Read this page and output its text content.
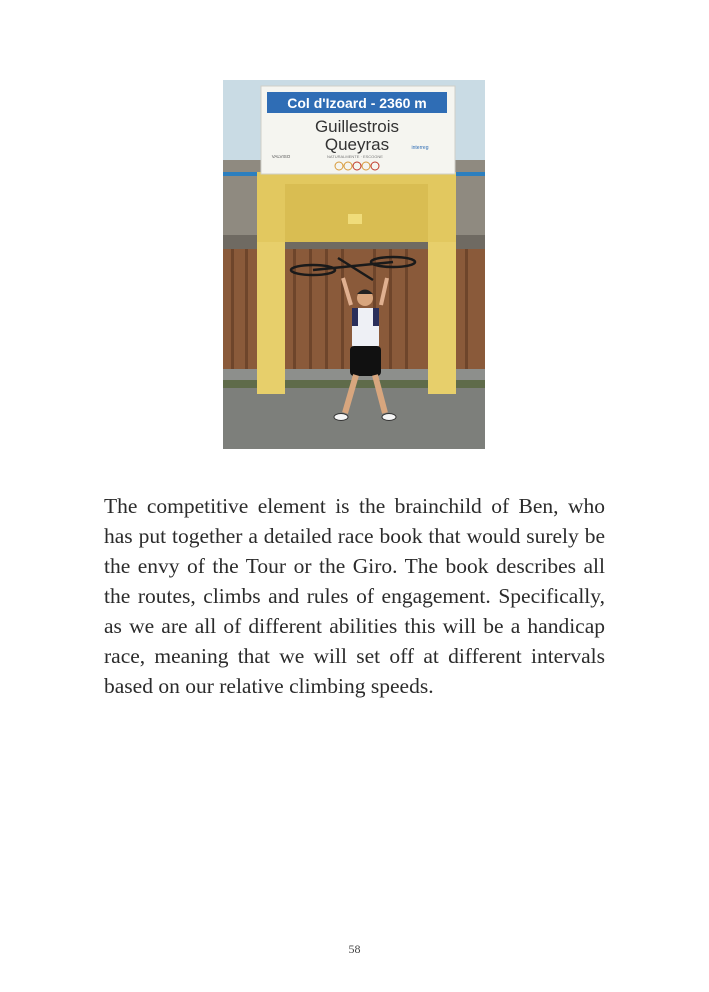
Col d'Izoard - 2360 m
Guillestrois
Queyras
VALVISO	NATURALMENTE · ESCOGNE
interreg

The competitive element is the brainchild of Ben, who has put together a detailed race book that would surely be the envy of the Tour or the Giro. The book describes all the routes, climbs and rules of engagement. Specifically, as we are all of different abilities this will be a handicap race, meaning that we will set off at different intervals based on our relative climbing speeds.

58
